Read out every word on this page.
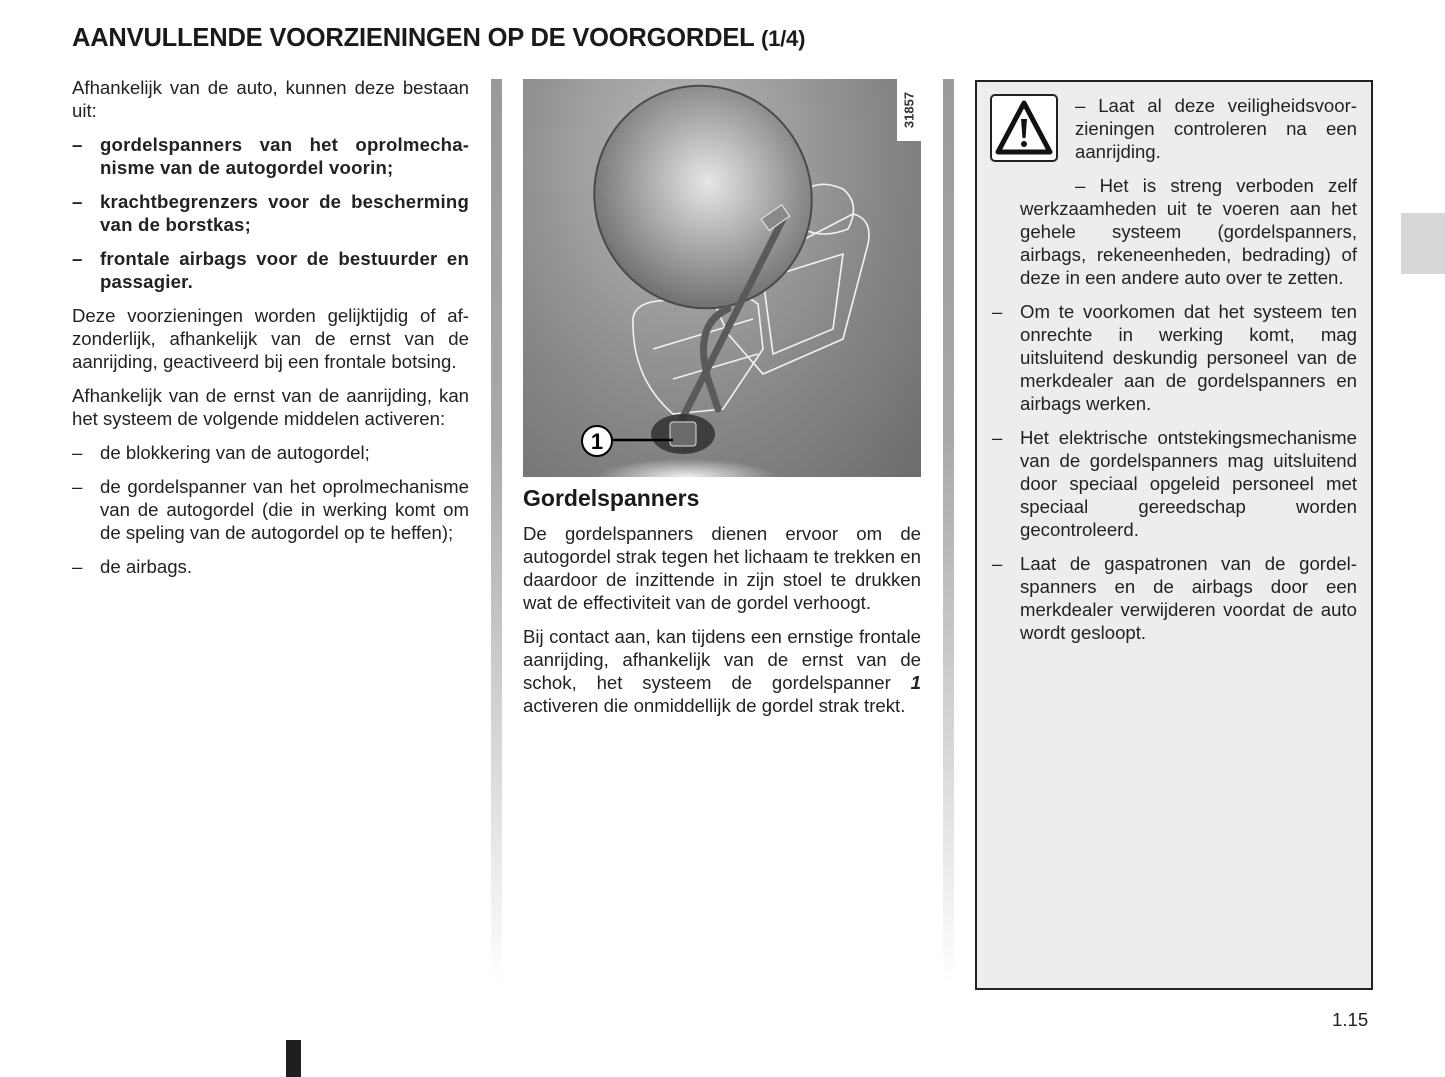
AANVULLENDE VOORZIENINGEN OP DE VOORGORDEL (1/4)

Afhankelijk van de auto, kunnen deze bestaan uit:

– gordelspanners van het oprolmechanisme van de autogordel voorin;
– krachtbegrenzers voor de bescherming van de borstkas;
– frontale airbags voor de bestuurder en passagier.

Deze voorzieningen worden gelijktijdig of afzonderlijk, afhankelijk van de ernst van de aanrijding, geactiveerd bij een frontale botsing.

Afhankelijk van de ernst van de aanrijding, kan het systeem de volgende middelen activeren:

– de blokkering van de autogordel;
– de gordelspanner van het oprolmechanisme van de autogordel (die in werking komt om de speling van de autogordel op te heffen);
– de airbags.
1
31857
Gordelspanners

De gordelspanners dienen ervoor om de autogordel strak tegen het lichaam te trekken en daardoor de inzittende in zijn stoel te drukken wat de effectiviteit van de gordel verhoogt.

Bij contact aan, kan tijdens een ernstige frontale aanrijding, afhankelijk van de ernst van de schok, het systeem de gordelspanner 1 activeren die onmiddellijk de gordel strak trekt.

– Laat al deze veiligheidsvoorzieningen controleren na een aanrijding.
– Het is streng verboden zelf werkzaamheden uit te voeren aan het gehele systeem (gordelspanners, airbags, rekeneenheden, bedrading) of deze in een andere auto over te zetten.
– Om te voorkomen dat het systeem ten onrechte in werking komt, mag uitsluitend deskundig personeel van de merkdealer aan de gordelspanners en airbags werken.
– Het elektrische ontstekingsmechanisme van de gordelspanners mag uitsluitend door speciaal opgeleid personeel met speciaal gereedschap worden gecontroleerd.
– Laat de gaspatronen van de gordelspanners en de airbags door een merkdealer verwijderen voordat de auto wordt gesloopt.
1.15
